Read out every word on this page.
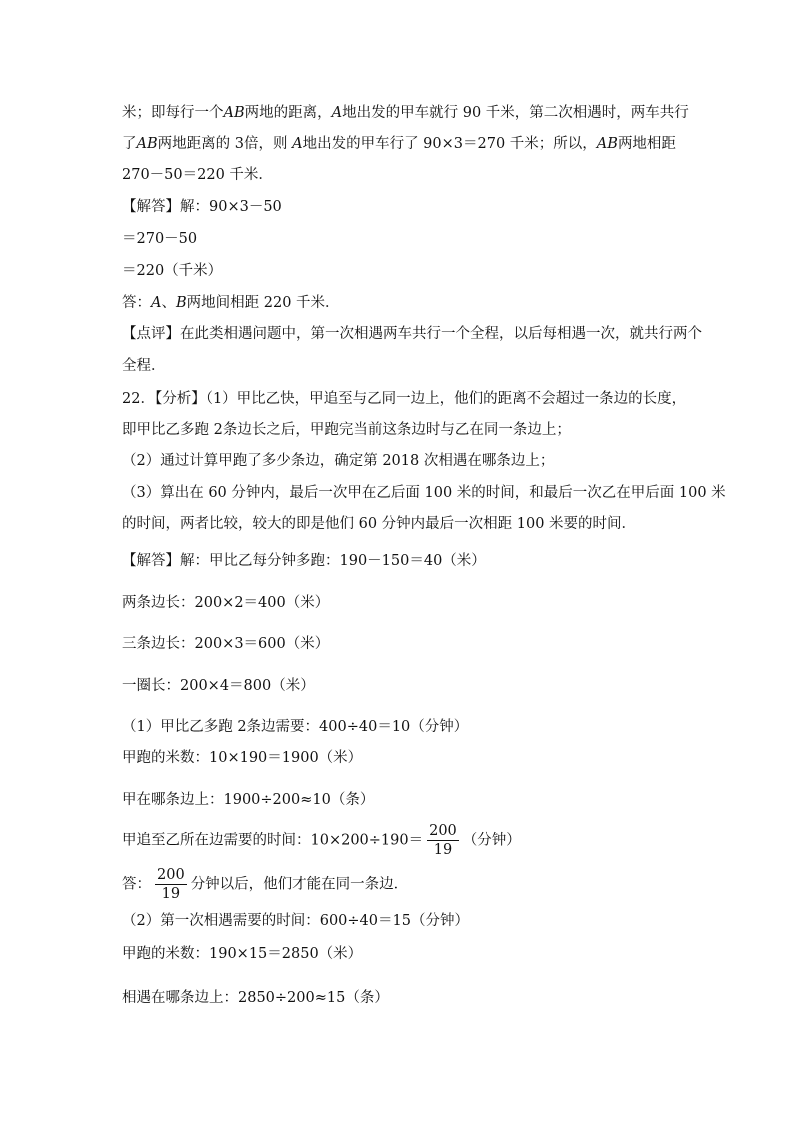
米；即每行一个AB两地的距离，A地出发的甲车就行 90 千米，第二次相遇时，两车共行
了AB两地距离的 3倍，则 A地出发的甲车行了 90×3＝270 千米；所以，AB两地相距
270－50＝220 千米．
【解答】解：90×3－50
＝270－50
＝220（千米）
答：A、B两地间相距 220 千米．
【点评】在此类相遇问题中，第一次相遇两车共行一个全程，以后每相遇一次，就共行两个
全程．
22．【分析】（1）甲比乙快，甲追至与乙同一边上，他们的距离不会超过一条边的长度，
即甲比乙多跑 2条边长之后，甲跑完当前这条边时与乙在同一条边上；
（2）通过计算甲跑了多少条边，确定第 2018 次相遇在哪条边上；
（3）算出在 60 分钟内，最后一次甲在乙后面 100 米的时间，和最后一次乙在甲后面 100 米
的时间，两者比较，较大的即是他们 60 分钟内最后一次相距 100 米要的时间．
【解答】解：甲比乙每分钟多跑：190－150＝40（米）
两条边长：200×2＝400（米）
三条边长：200×3＝600（米）
一圈长：200×4＝800（米）
（1）甲比乙多跑 2条边需要：400÷40＝10（分钟）
甲跑的米数：10×190＝1900（米）
甲在哪条边上：1900÷200≈10（条）
甲追至乙所在边需要的时间：$10\times 200\div 190= \frac{200}{19}$ （分钟）
答： $\frac{200}{19}$ 分钟以后，他们才能在同一条边．
（2）第一次相遇需要的时间：600÷40＝15（分钟）
甲跑的米数：190×15＝2850（米）
相遇在哪条边上：2850÷200≈15（条）
